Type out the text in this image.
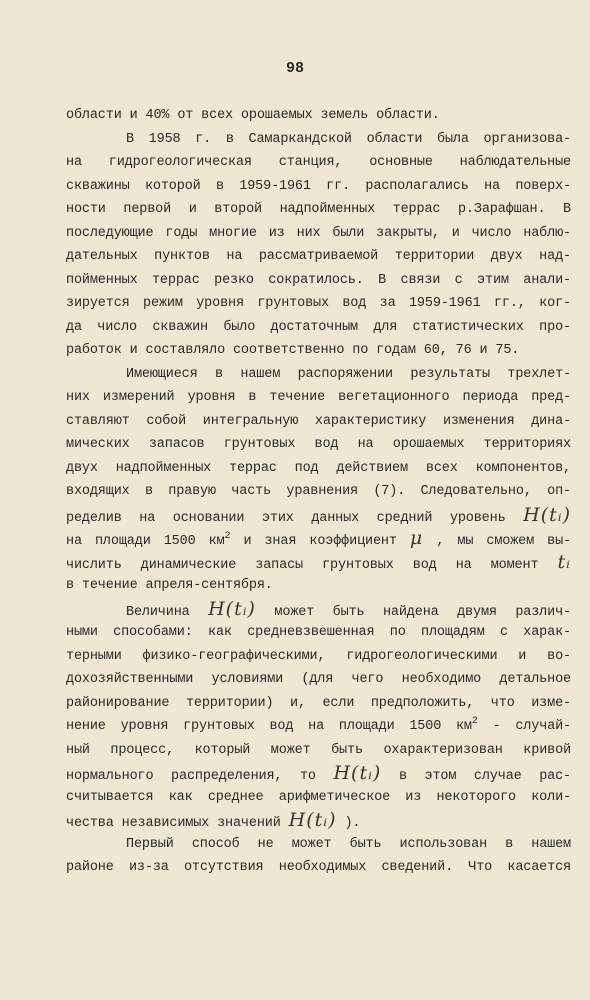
98
области и 40% от всех орошаемых земель области.
В 1958 г. в Самаркандской области была организова-
на гидрогеологическая станция, основные наблюдательные
скважины которой в 1959-1961 гг. располагались на поверх-
ности первой и второй надпойменных террас р.Зарафшан. В
последующие годы многие из них были закрыты, и число наблю-
дательных пунктов на рассматриваемой территории двух над-
пойменных террас резко сократилось. В связи с этим анали-
зируется режим уровня грунтовых вод за 1959-1961 гг., ког-
да число скважин было достаточным для статистических про-
работок и составляло соответственно по годам 60, 76 и 75.
Имеющиеся в нашем распоряжении результаты трехлет-
них измерений уровня в течение вегетационного периода пред-
ставляют собой интегральную характеристику изменения дина-
мических запасов грунтовых вод на орошаемых территориях
двух надпойменных террас под действием всех компонентов,
входящих в правую часть уравнения (7). Следовательно, оп-
ределив на основании этих данных средний уровень H(tᵢ)
на площади 1500 $км^2$ и зная коэффициент μ , мы сможем вы-
числить динамические запасы грунтовых вод на момент tᵢ
в течение апреля-сентября.
Величина H(tᵢ) может быть найдена двумя различ-
ными способами: как средневзвешенная по площадям с харак-
терными физико-географическими, гидрогеологическими и во-
дохозяйственными условиями (для чего необходимо детальное
районирование территории) и, если предположить, что изме-
нение уровня грунтовых вод на площади 1500 $км^2$ - случай-
ный процесс, который может быть охарактеризован кривой
нормального распределения, то H(tᵢ) в этом случае рас-
считывается как среднее арифметическое из некоторого коли-
чества независимых значений H(tᵢ) ).
Первый способ не может быть использован в нашем
районе из-за отсутствия необходимых сведений. Что касается
